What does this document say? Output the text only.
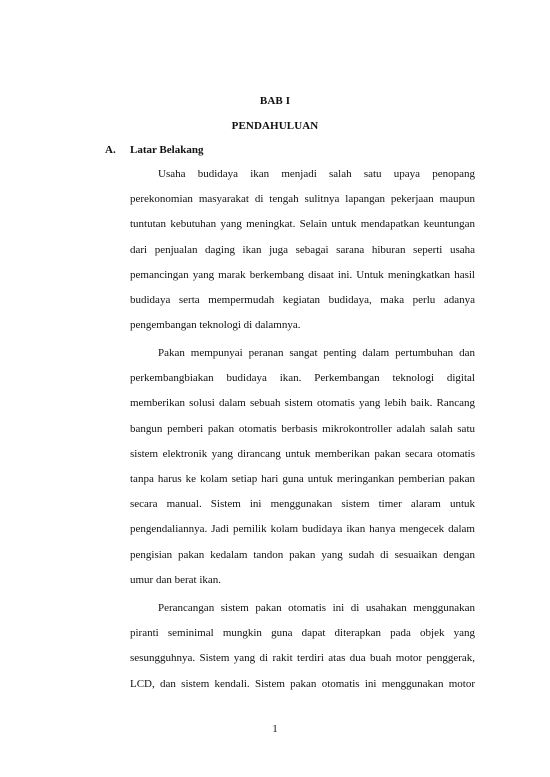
BAB I
PENDAHULUAN
A. Latar Belakang
Usaha budidaya ikan menjadi salah satu upaya penopang
perekonomian masyarakat di tengah sulitnya lapangan pekerjaan maupun
tuntutan kebutuhan yang meningkat. Selain untuk mendapatkan keuntungan
dari penjualan daging ikan juga sebagai sarana hiburan seperti usaha
pemancingan yang marak berkembang disaat ini. Untuk meningkatkan hasil
budidaya serta mempermudah kegiatan budidaya, maka perlu adanya
pengembangan teknologi di dalamnya.
Pakan mempunyai peranan sangat penting dalam pertumbuhan dan
perkembangbiakan budidaya ikan. Perkembangan teknologi digital
memberikan solusi dalam sebuah sistem otomatis yang lebih baik. Rancang
bangun pemberi pakan otomatis berbasis mikrokontroller adalah salah satu
sistem elektronik yang dirancang untuk memberikan pakan secara otomatis
tanpa harus ke kolam setiap hari guna untuk meringankan pemberian pakan
secara manual. Sistem ini menggunakan sistem timer alaram untuk
pengendaliannya. Jadi pemilik kolam budidaya ikan hanya mengecek dalam
pengisian pakan kedalam tandon pakan yang sudah di sesuaikan dengan
umur dan berat ikan.
Perancangan sistem pakan otomatis ini di usahakan menggunakan
piranti seminimal mungkin guna dapat diterapkan pada objek yang
sesungguhnya. Sistem yang di rakit terdiri atas dua buah motor penggerak,
LCD, dan sistem kendali. Sistem pakan otomatis ini menggunakan motor
1
